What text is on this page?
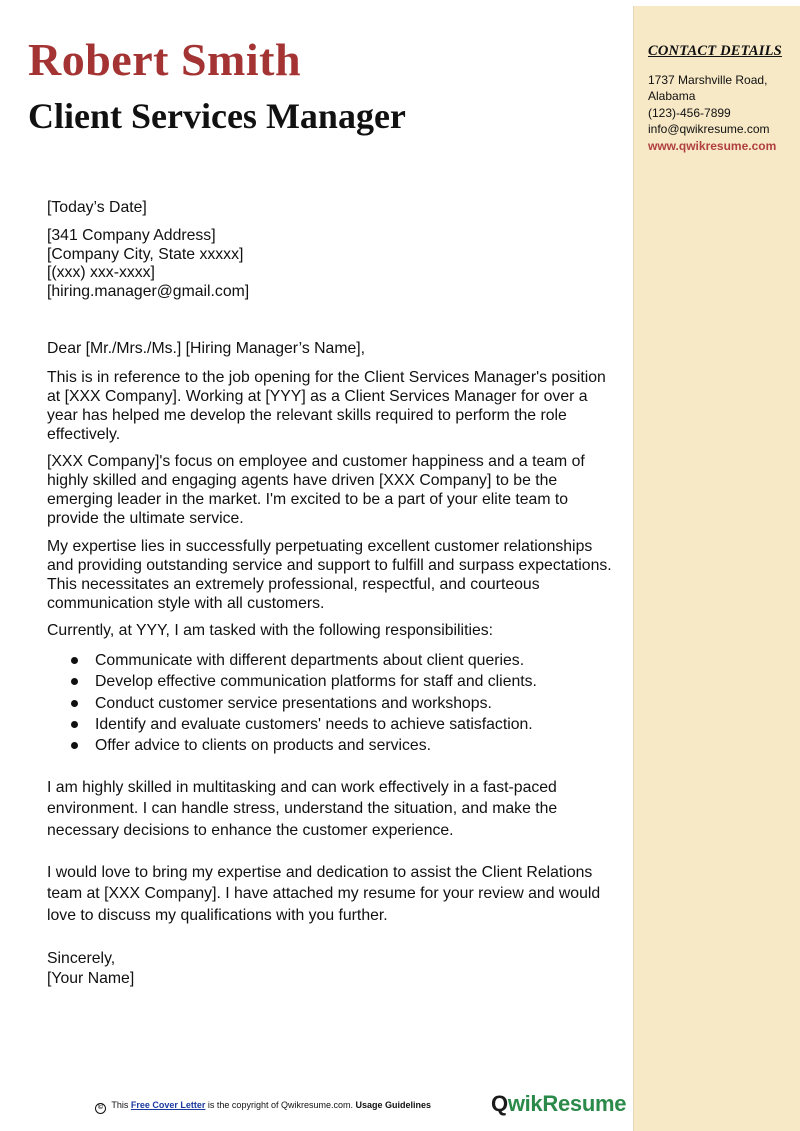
CONTACT DETAILS
1737 Marshville Road,
Alabama
(123)-456-7899
info@qwikresume.com
www.qwikresume.com
Robert Smith
Client Services Manager
[Today’s Date]
[341 Company Address]
[Company City, State xxxxx]
[(xxx) xxx-xxxx]
[hiring.manager@gmail.com]
Dear [Mr./Mrs./Ms.] [Hiring Manager’s Name],
This is in reference to the job opening for the Client Services Manager's position at [XXX Company]. Working at [YYY] as a Client Services Manager for over a year has helped me develop the relevant skills required to perform the role effectively.
[XXX Company]'s focus on employee and customer happiness and a team of highly skilled and engaging agents have driven [XXX Company] to be the emerging leader in the market. I'm excited to be a part of your elite team to provide the ultimate service.
My expertise lies in successfully perpetuating excellent customer relationships and providing outstanding service and support to fulfill and surpass expectations. This necessitates an extremely professional, respectful, and courteous communication style with all customers.
Currently, at YYY, I am tasked with the following responsibilities:
Communicate with different departments about client queries.
Develop effective communication platforms for staff and clients.
Conduct customer service presentations and workshops.
Identify and evaluate customers' needs to achieve satisfaction.
Offer advice to clients on products and services.
I am highly skilled in multitasking and can work effectively in a fast-paced environment. I can handle stress, understand the situation, and make the necessary decisions to enhance the customer experience.
I would love to bring my expertise and dedication to assist the Client Relations team at [XXX Company]. I have attached my resume for your review and would love to discuss my qualifications with you further.
Sincerely,
[Your Name]
© This Free Cover Letter is the copyright of Qwikresume.com. Usage Guidelines	QwikResume
